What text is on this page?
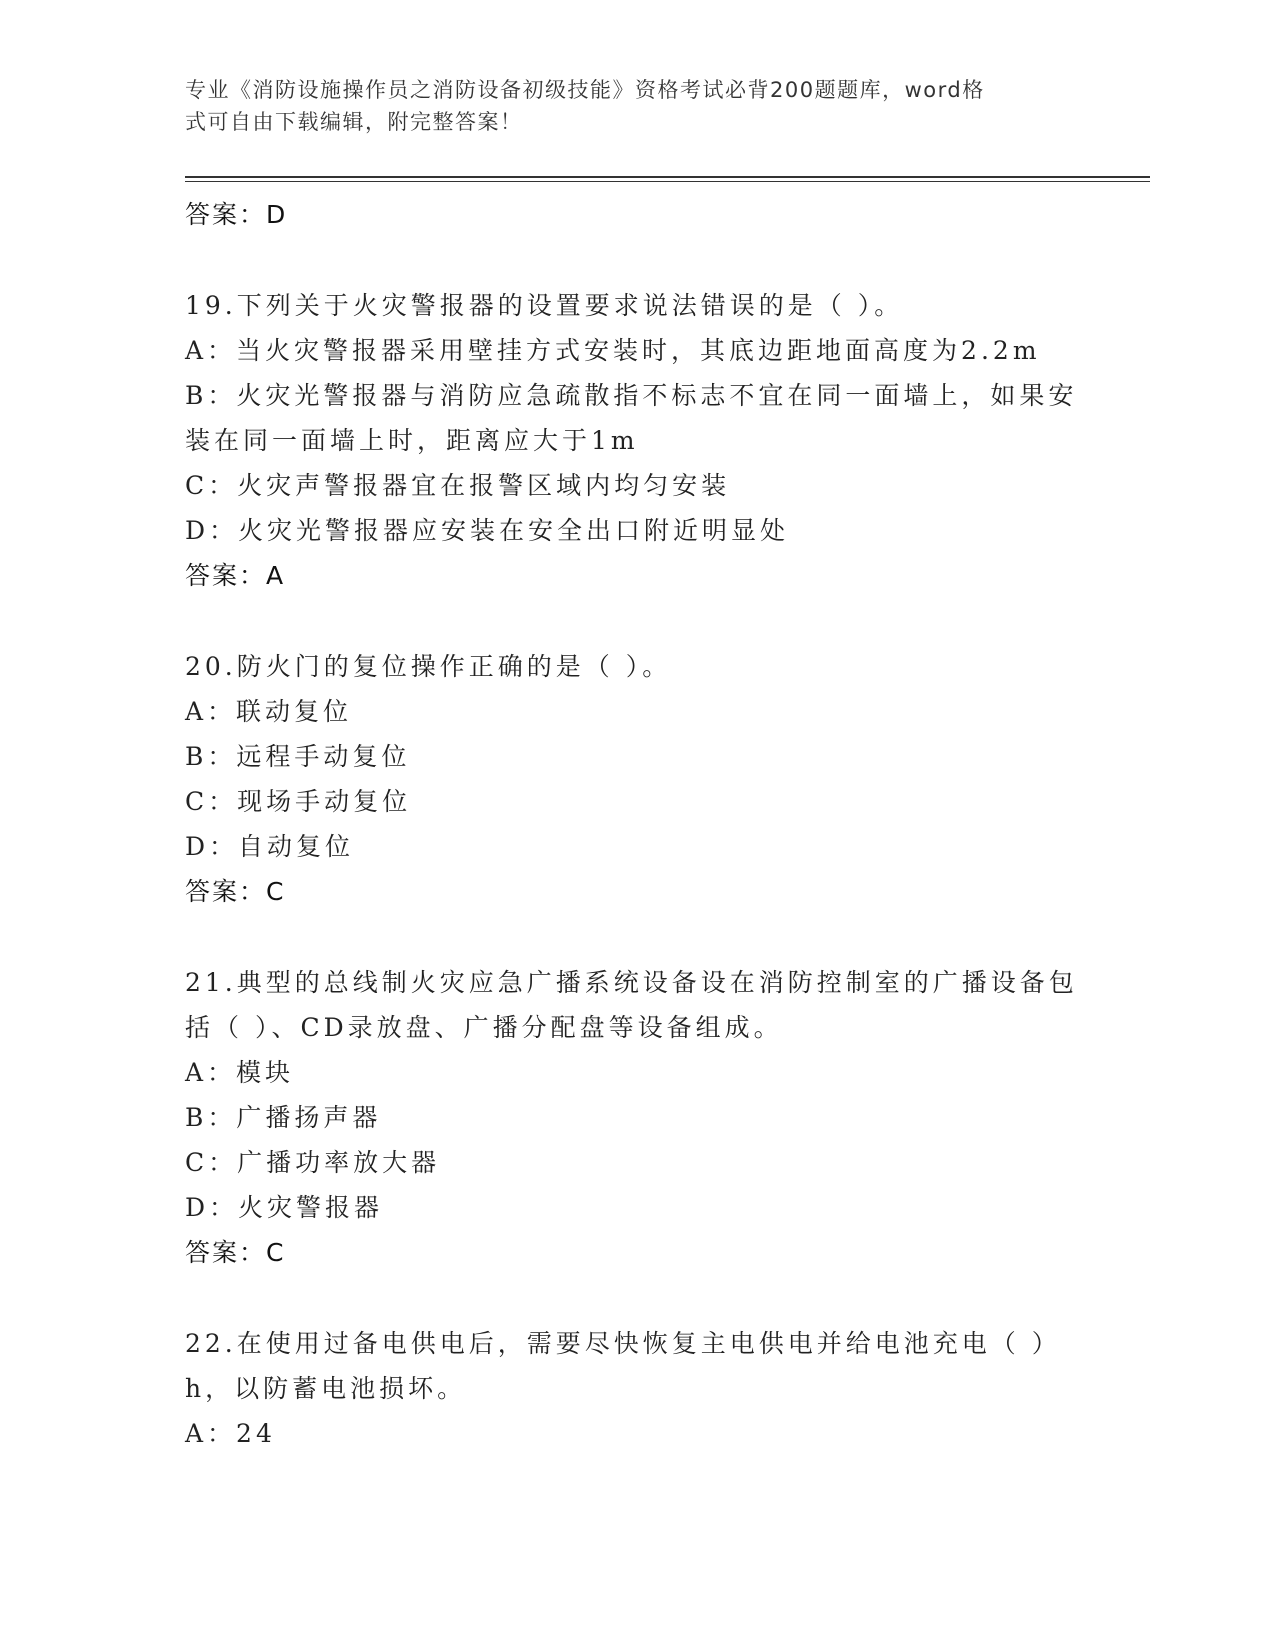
专业《消防设施操作员之消防设备初级技能》资格考试必背200题题库，word格
式可自由下载编辑，附完整答案！
答案：D
19.下列关于火灾警报器的设置要求说法错误的是（ ）。
A：当火灾警报器采用壁挂方式安装时，其底边距地面高度为2.2m
B：火灾光警报器与消防应急疏散指不标志不宜在同一面墙上，如果安
装在同一面墙上时，距离应大于1m
C：火灾声警报器宜在报警区域内均匀安装
D：火灾光警报器应安装在安全出口附近明显处
答案：A
20.防火门的复位操作正确的是（ ）。
A：联动复位
B：远程手动复位
C：现场手动复位
D：自动复位
答案：C
21.典型的总线制火灾应急广播系统设备设在消防控制室的广播设备包
括（ ）、CD录放盘、广播分配盘等设备组成。
A：模块
B：广播扬声器
C：广播功率放大器
D：火灾警报器
答案：C
22.在使用过备电供电后，需要尽快恢复主电供电并给电池充电（ ）
h，以防蓄电池损坏。
A：24
